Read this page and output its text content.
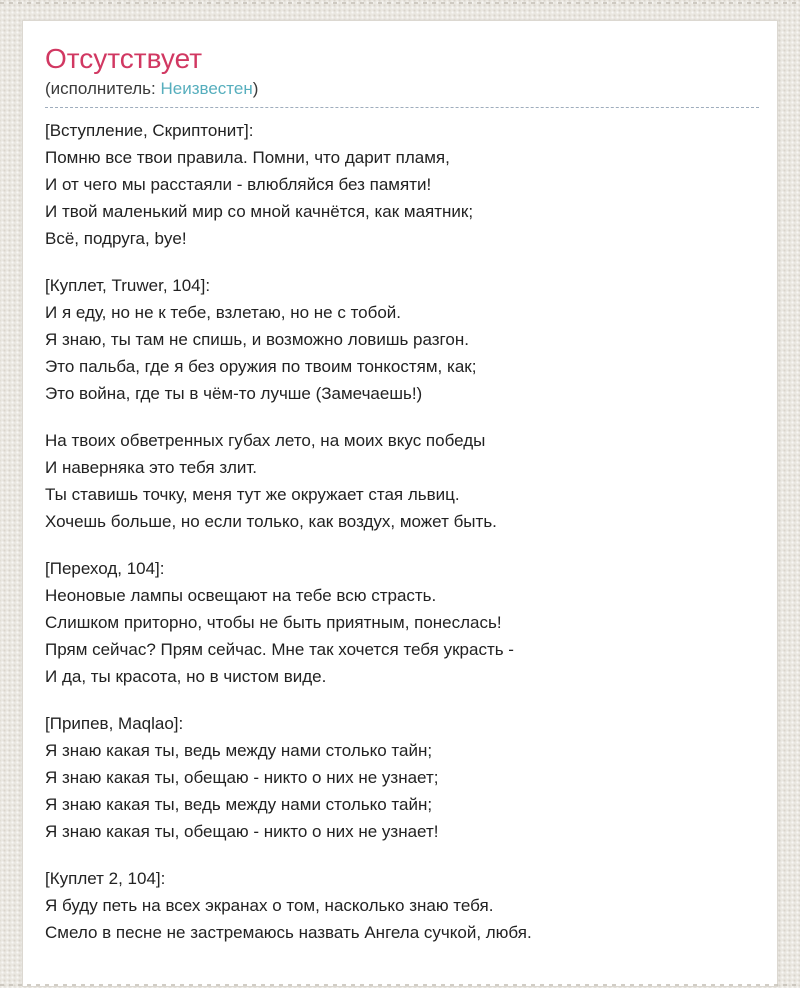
Отсутствует
(исполнитель: Неизвестен)

[Вступление, Скриптонит]:
Помню все твои правила. Помни, что дарит пламя,
И от чего мы расстаяли - влюбляйся без памяти!
И твой маленький мир со мной качнётся, как маятник;
Всё, подруга, bye!

[Куплет, Truwer, 104]:
И я еду, но не к тебе, взлетаю, но не с тобой.
Я знаю, ты там не спишь, и возможно ловишь разгон.
Это пальба, где я без оружия по твоим тонкостям, как;
Это война, где ты в чём-то лучше (Замечаешь!)

На твоих обветренных губах лето, на моих вкус победы
И наверняка это тебя злит.
Ты ставишь точку, меня тут же окружает стая львиц.
Хочешь больше, но если только, как воздух, может быть.

[Переход, 104]:
Неоновые лампы освещают на тебе всю страсть.
Слишком приторно, чтобы не быть приятным, понеслась!
Прям сейчас? Прям сейчас. Мне так хочется тебя украсть -
И да, ты красота, но в чистом виде.

[Припев, Maqlao]:
Я знаю какая ты, ведь между нами столько тайн;
Я знаю какая ты, обещаю - никто о них не узнает;
Я знаю какая ты, ведь между нами столько тайн;
Я знаю какая ты, обещаю - никто о них не узнает!

[Куплет 2, 104]:
Я буду петь на всех экранах о том, насколько знаю тебя.
Смело в песне не застремаюсь назвать Ангела сучкой, любя.
